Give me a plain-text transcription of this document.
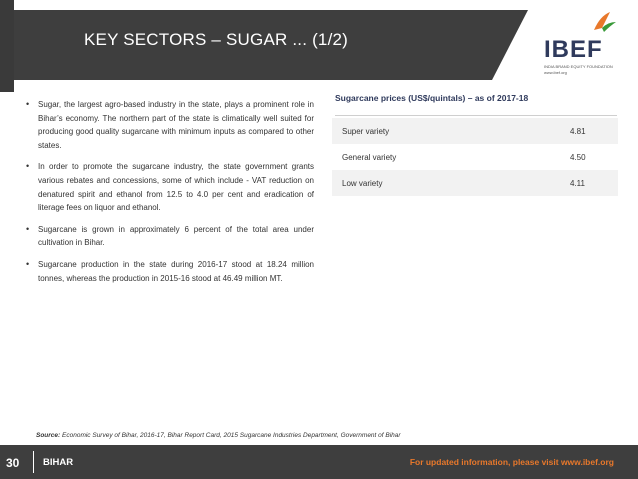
KEY SECTORS – SUGAR ... (1/2)	IBEF
INDIA BRAND EQUITY FOUNDATION
www.ibef.org
• Sugar, the largest agro-based industry in the state, plays a prominent role in Bihar’s economy. The northern part of the state is climatically well suited for producing good quality sugarcane with minimum inputs as compared to other states.
• In order to promote the sugarcane industry, the state government grants various rebates and concessions, some of which include - VAT reduction on denatured spirit and ethanol from 12.5 to 4.0 per cent and eradication of literage fees on liquor and ethanol.
• Sugarcane is grown in approximately 6 percent of the total area under cultivation in Bihar.
• Sugarcane production in the state during 2016-17 stood at 18.24 million tonnes, whereas the production in 2015-16 stood at 46.49 million MT.
Sugarcane prices (US$/quintals) – as of 2017-18
Super variety	4.81
General variety	4.50
Low variety	4.11
Source: Economic Survey of Bihar, 2016-17, Bihar Report Card, 2015 Sugarcane Industries Department, Government of Bihar
30 BIHAR	For updated information, please visit www.ibef.org
